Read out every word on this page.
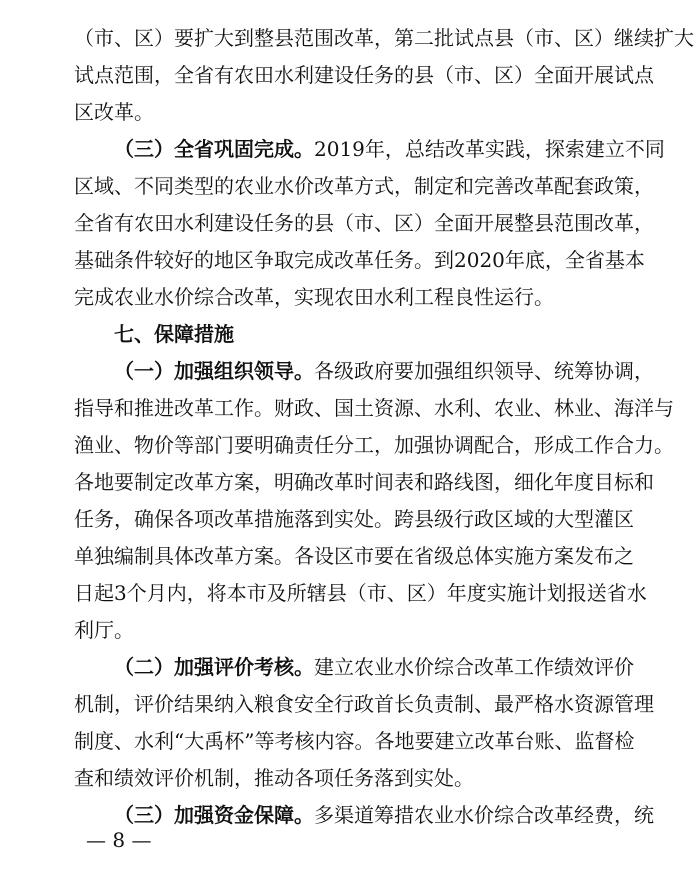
（市、区）要扩大到整县范围改革，第二批试点县（市、区）继续扩大
试点范围，全省有农田水利建设任务的县（市、区）全面开展试点
区改革。
（三）全省巩固完成。2019年，总结改革实践，探索建立不同
区域、不同类型的农业水价改革方式，制定和完善改革配套政策，
全省有农田水利建设任务的县（市、区）全面开展整县范围改革，
基础条件较好的地区争取完成改革任务。到2020年底，全省基本
完成农业水价综合改革，实现农田水利工程良性运行。
七、保障措施
（一）加强组织领导。各级政府要加强组织领导、统筹协调，
指导和推进改革工作。财政、国土资源、水利、农业、林业、海洋与
渔业、物价等部门要明确责任分工，加强协调配合，形成工作合力。
各地要制定改革方案，明确改革时间表和路线图，细化年度目标和
任务，确保各项改革措施落到实处。跨县级行政区域的大型灌区
单独编制具体改革方案。各设区市要在省级总体实施方案发布之
日起3个月内，将本市及所辖县（市、区）年度实施计划报送省水
利厅。
（二）加强评价考核。建立农业水价综合改革工作绩效评价
机制，评价结果纳入粮食安全行政首长负责制、最严格水资源管理
制度、水利“大禹杯”等考核内容。各地要建立改革台账、监督检
查和绩效评价机制，推动各项任务落到实处。
（三）加强资金保障。多渠道筹措农业水价综合改革经费，统
— 8 —
